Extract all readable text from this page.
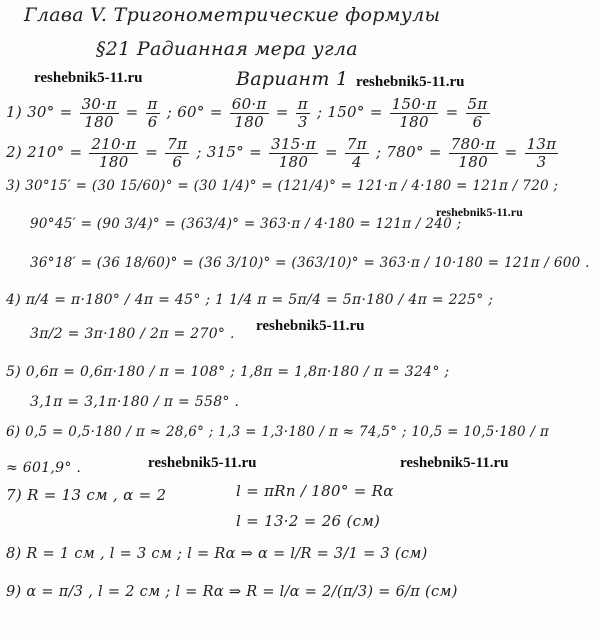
Глава V. Тригонометрические формулы
§21 Радианная мера угла
Вариант 1
reshebnik5-11.ru	reshebnik5-11.ru
reshebnik5-11.ru
reshebnik5-11.ru
reshebnik5-11.ru	reshebnik5-11.ru
1) $30^\circ = \frac{30\cdot\pi}{180} = \frac{\pi}{6}$ ; $60^\circ = \frac{60\cdot\pi}{180} = \frac{\pi}{3}$ ; $150^\circ = \frac{150\cdot\pi}{180} = \frac{5\pi}{6}$
2) $210^\circ = \frac{210\cdot\pi}{180} = \frac{7\pi}{6}$ ; $315^\circ = \frac{315\cdot\pi}{180} = \frac{7\pi}{4}$ ; $780^\circ = \frac{780\cdot\pi}{180} = \frac{13\pi}{3}$
3) 30°15′ = (30 15/60)° = (30 1/4)° = (121/4)° = 121·π / 4·180 = 121π / 720 ;
90°45′ = (90 3/4)° = (363/4)° = 363·π / 4·180 = 121π / 240 ;
36°18′ = (36 18/60)° = (36 3/10)° = (363/10)° = 363·π / 10·180 = 121π / 600 .
4) π/4 = π·180° / 4π = 45° ; 1 1/4 π = 5π/4 = 5π·180 / 4π = 225° ;
3π/2 = 3π·180 / 2π = 270° .
5) 0,6π = 0,6π·180 / π = 108° ; 1,8π = 1,8π·180 / π = 324° ;
3,1π = 3,1π·180 / π = 558° .
6) 0,5 = 0,5·180 / π ≈ 28,6° ; 1,3 = 1,3·180 / π ≈ 74,5° ; 10,5 = 10,5·180 / π
≈ 601,9° .
7) R = 13 см , α = 2	l = πRn / 180° = Rα
l = 13·2 = 26 (см)
8) R = 1 см , l = 3 см ; l = Rα ⇒ α = l/R = 3/1 = 3 (см)
9) α = π/3 , l = 2 см ; l = Rα ⇒ R = l/α = 2/(π/3) = 6/π (см)
